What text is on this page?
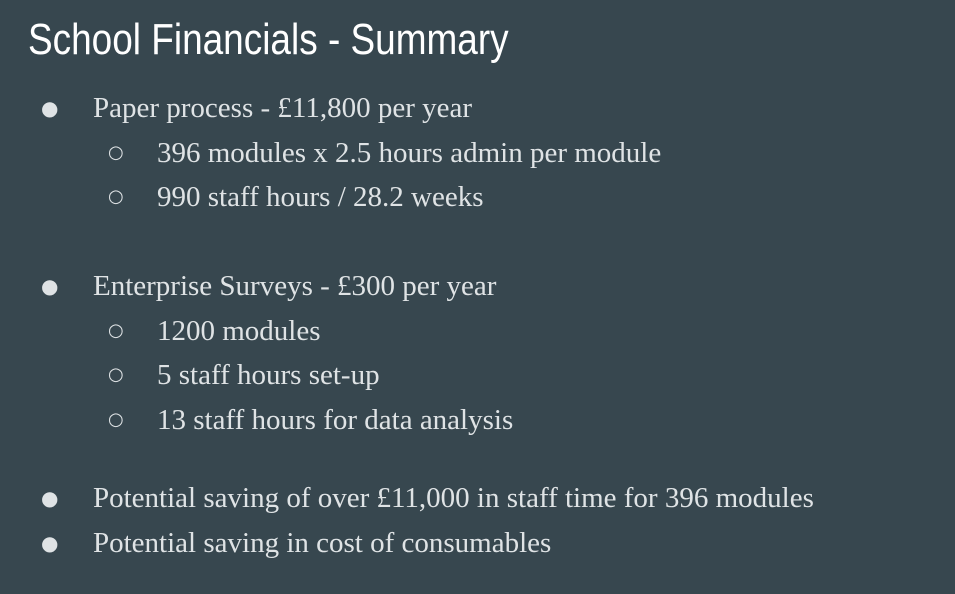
School Financials - Summary
● Paper process - £11,800 per year
○ 396 modules x 2.5 hours admin per module
○ 990 staff hours / 28.2 weeks
● Enterprise Surveys - £300 per year
○ 1200 modules
○ 5 staff hours set-up
○ 13 staff hours for data analysis
● Potential saving of over £11,000 in staff time for 396 modules
● Potential saving in cost of consumables
